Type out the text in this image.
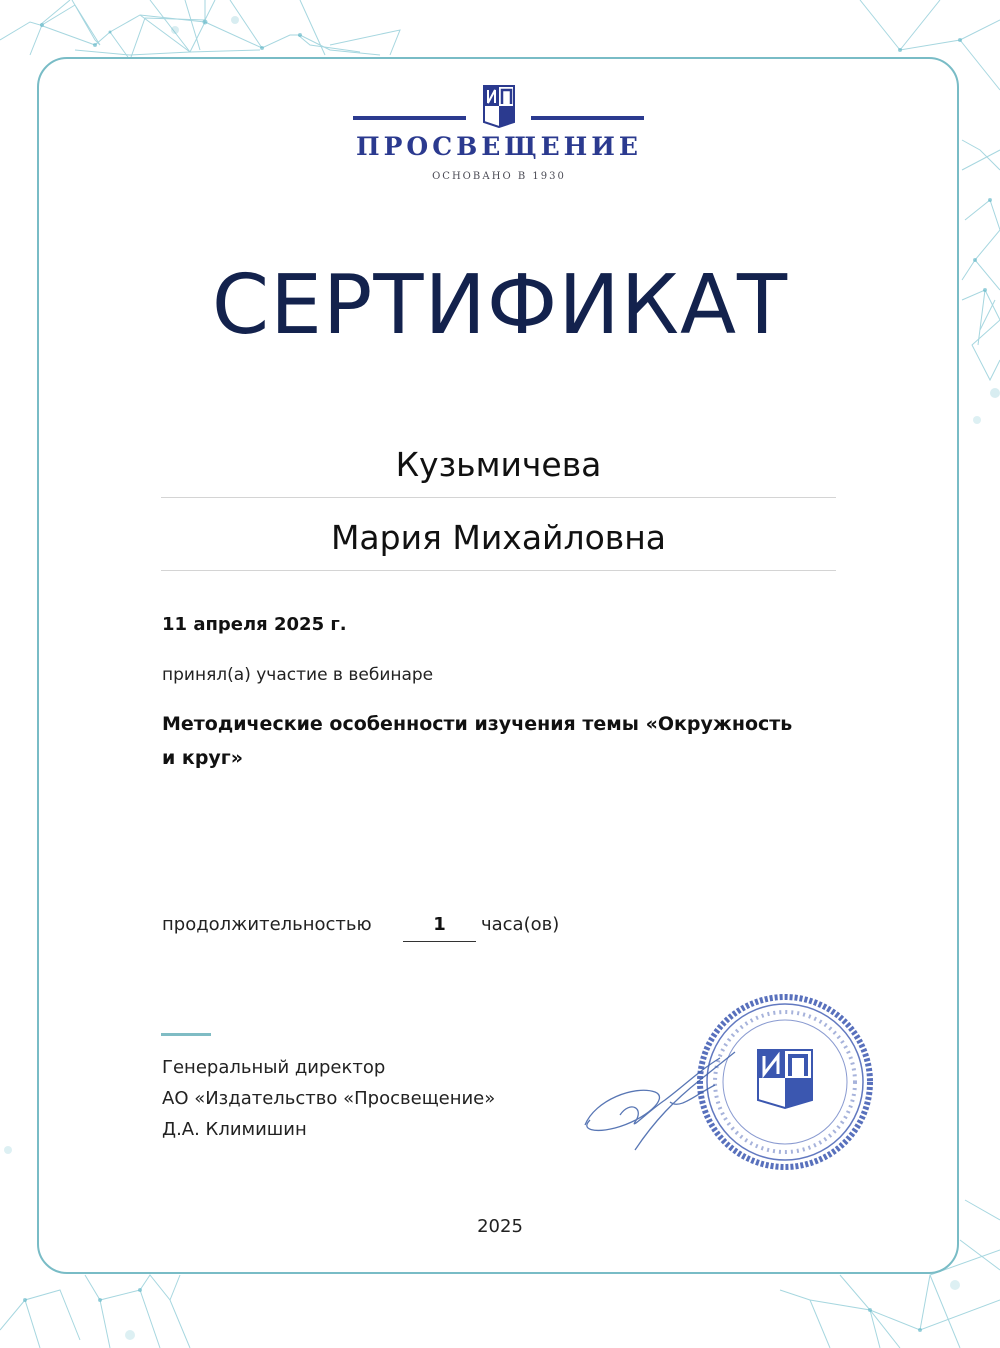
ПРОСВЕЩЕНИЕ
ОСНОВАНО В 1930
СЕРТИФИКАТ
Кузьмичева
Мария Михайловна
11 апреля 2025 г.
принял(а) участие в вебинаре
Методические особенности изучения темы «Окружность и круг»
продолжительностью	1	часа(ов)
Генеральный директор
АО «Издательство «Просвещение»
Д.А. Климишин
2025
